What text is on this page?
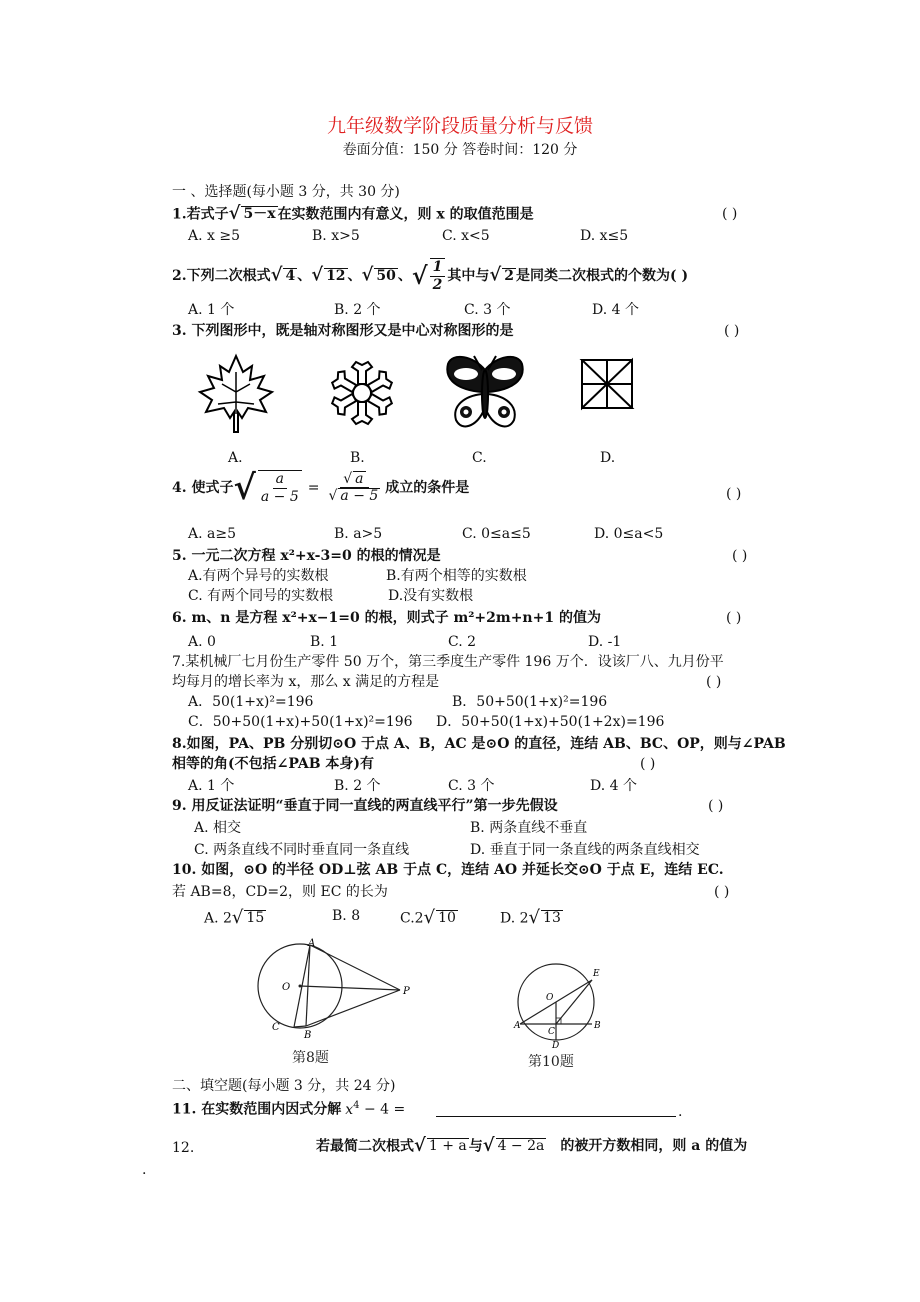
九年级数学阶段质量分析与反馈
卷面分值：150 分 答卷时间：120 分
一 、选择题(每小题 3 分，共 30 分)
1.若式子√ 5－x 在实数范围内有意义，则 x 的取值范围是	( )
A. x ≥5	B. x>5	C. x<5	D. x≤5
2.下列二次根式√ 4 、√ 12 、√ 50 、√ $\frac{1}{2}$ 其中与√ 2 是同类二次根式的个数为( )
A. 1 个	B. 2 个	C. 3 个	D. 4 个
3. 下列图形中，既是轴对称图形又是中心对称图形的是	( )
A.	B.	C.	D.
4. 使式子√ $\frac{a}{a - 5} = \frac{√ a}{√ a - 5}$ 成立的条件是	( )
A. a≥5	B. a>5	C. 0≤a≤5	D. 0≤a<5
5. 一元二次方程 x²+x-3=0 的根的情况是	( )
A.有两个异号的实数根	B.有两个相等的实数根
C. 有两个同号的实数根	D.没有实数根
6. m、n 是方程 x²+x−1=0 的根，则式子 m²+2m+n+1 的值为	( )
A. 0	B. 1	C. 2	D. -1
7.某机械厂七月份生产零件 50 万个，第三季度生产零件 196 万个．设该厂八、九月份平
均每月的增长率为 x，那么 x 满足的方程是	( )
A．50(1+x)²=196	B．50+50(1+x)²=196
C．50+50(1+x)+50(1+x)²=196 D．50+50(1+x)+50(1+2x)=196
8.如图，PA、PB 分别切⊙O 于点 A、B，AC 是⊙O 的直径，连结 AB、BC、OP，则与∠PAB
相等的角(不包括∠PAB 本身)有	( )
A. 1 个	B. 2 个	C. 3 个	D. 4 个
9. 用反证法证明“垂直于同一直线的两直线平行”第一步先假设	( )
A. 相交	B. 两条直线不垂直
C. 两条直线不同时垂直同一条直线	D. 垂直于同一条直线的两条直线相交
10. 如图，⊙O 的半径 OD⊥弦 AB 于点 C，连结 AO 并延长交⊙O 于点 E，连结 EC.
若 AB=8，CD=2，则 EC 的长为	( )
A. 2√ 15	B. 8	C.2√ 10	D. 2√ 13
A
O	P
C
B
第8题
E
O
A
C
B
D
第10题
二、填空题(每小题 3 分，共 24 分)
11. 在实数范围内因式分解 $x^4 - 4$ =	.
12.	若最简二次根式√ 1 + a 与√ 4 − 2a 的被开方数相同，则 a 的值为
.
